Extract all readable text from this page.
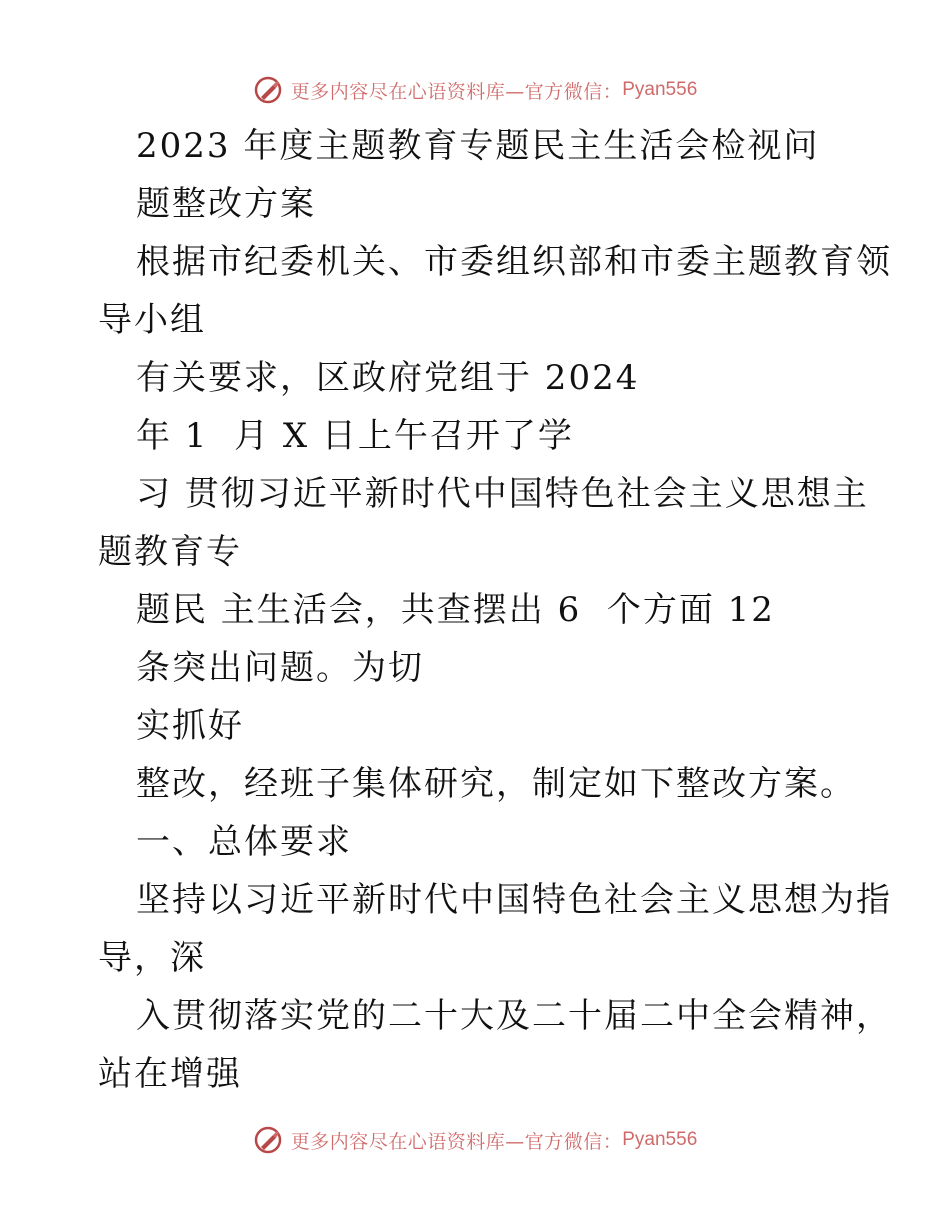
更多内容尽在心语资料库—官方微信： Pyan556
2023 年度主题教育专题民主生活会检视问
题整改方案
根据市纪委机关、市委组织部和市委主题教育领
导小组
有关要求，区政府党组于 2024
年 1  月 X 日上午召开了学
习 贯彻习近平新时代中国特色社会主义思想主
题教育专
题民 主生活会，共查摆出 6  个方面 12
条突出问题。为切
实抓好
整改，经班子集体研究，制定如下整改方案。
一、总体要求
坚持以习近平新时代中国特色社会主义思想为指
导，深
入贯彻落实党的二十大及二十届二中全会精神，
站在增强
更多内容尽在心语资料库—官方微信： Pyan556
